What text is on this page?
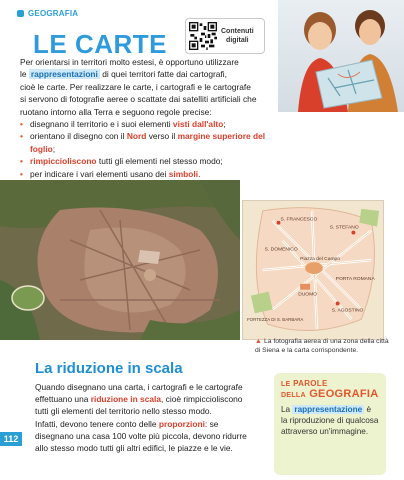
GEOGRAFIA
LE CARTE	Contenuti
digitali

Per orientarsi in territori molto estesi, è opportuno utilizzare

le rappresentazioni di quei territori fatte dai cartografi,

cioè le carte. Per realizzare le carte, i cartografi e le cartografe

si servono di fotografie aeree o scattate dai satelliti artificiali che

ruotano intorno alla Terra e seguono regole precise:

• disegnano il territorio e i suoi elementi visti dall'alto;
• orientano il disegno con il Nord verso il margine superiore del foglio;
• rimpiccioliscono tutti gli elementi nel stesso modo;
• per indicare i vari elementi usano dei simboli.
S. FRANCESCO
S. STEFANO
S. DOMENICO
Piazza del Campo
DUOMO
S. AGOSTINO
FORTEZZA DI S. BARBARA
PORTA ROMANA
▲ La fotografia aerea di una zona della città di Siena e la carta corrispondente.
La riduzione in scala
Quando disegnano una carta, i cartografi e le cartografe
effettuano una riduzione in scala, cioè rimpiccioliscono
tutti gli elementi del territorio nello stesso modo.
Infatti, devono tenere conto delle proporzioni: se
disegnano una casa 100 volte più piccola, devono ridurre
allo stesso modo tutti gli altri edifici, le piazze e le vie.
112
LE PAROLE
DELLA GEOGRAFIA
La rappresentazione è la riproduzione di qualcosa attraverso un'immagine.
